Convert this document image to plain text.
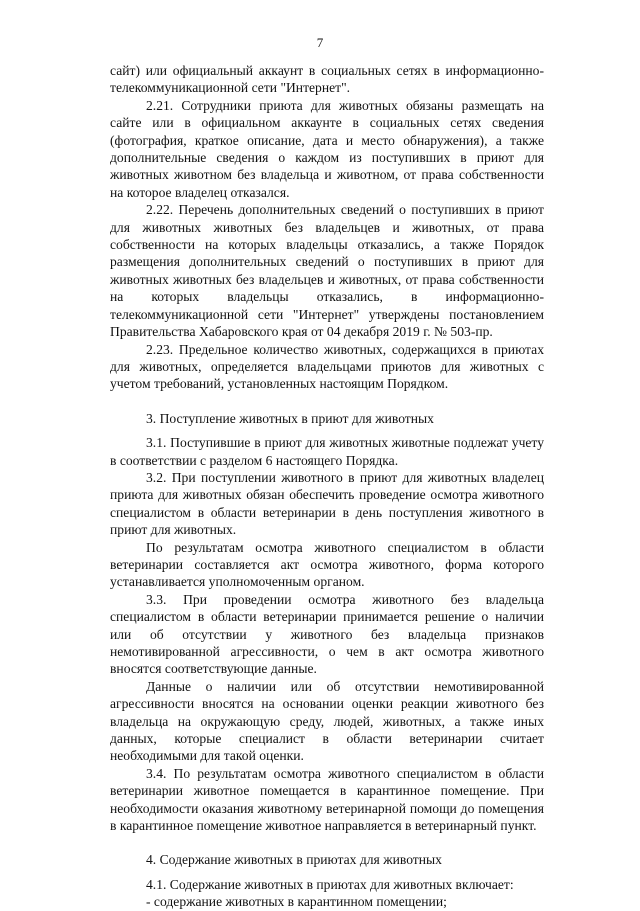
7

сайт) или официальный аккаунт в социальных сетях в информационно-телекоммуникационной сети "Интернет".

2.21. Сотрудники приюта для животных обязаны размещать на сайте или в официальном аккаунте в социальных сетях сведения (фотография, краткое описание, дата и место обнаружения), а также дополнительные сведения о каждом из поступивших в приют для животных животном без владельца и животном, от права собственности на которое владелец отказался.

2.22. Перечень дополнительных сведений о поступивших в приют для животных животных без владельцев и животных, от права собственности на которых владельцы отказались, а также Порядок размещения дополнительных сведений о поступивших в приют для животных животных без владельцев и животных, от права собственности на которых владельцы отказались, в информационно-телекоммуникационной сети "Интернет" утверждены постановлением Правительства Хабаровского края от 04 декабря 2019 г. № 503-пр.

2.23. Предельное количество животных, содержащихся в приютах для животных, определяется владельцами приютов для животных с учетом требований, установленных настоящим Порядком.

3. Поступление животных в приют для животных

3.1. Поступившие в приют для животных животные подлежат учету в соответствии с разделом 6 настоящего Порядка.

3.2. При поступлении животного в приют для животных владелец приюта для животных обязан обеспечить проведение осмотра животного специалистом в области ветеринарии в день поступления животного в приют для животных.

По результатам осмотра животного специалистом в области ветеринарии составляется акт осмотра животного, форма которого устанавливается уполномоченным органом.

3.3. При проведении осмотра животного без владельца специалистом в области ветеринарии принимается решение о наличии или об отсутствии у животного без владельца признаков немотивированной агрессивности, о чем в акт осмотра животного вносятся соответствующие данные.

Данные о наличии или об отсутствии немотивированной агрессивности вносятся на основании оценки реакции животного без владельца на окружающую среду, людей, животных, а также иных данных, которые специалист в области ветеринарии считает необходимыми для такой оценки.

3.4. По результатам осмотра животного специалистом в области ветеринарии животное помещается в карантинное помещение. При необходимости оказания животному ветеринарной помощи до помещения в карантинное помещение животное направляется в ветеринарный пункт.

4. Содержание животных в приютах для животных

4.1. Содержание животных в приютах для животных включает:

- содержание животных в карантинном помещении;
